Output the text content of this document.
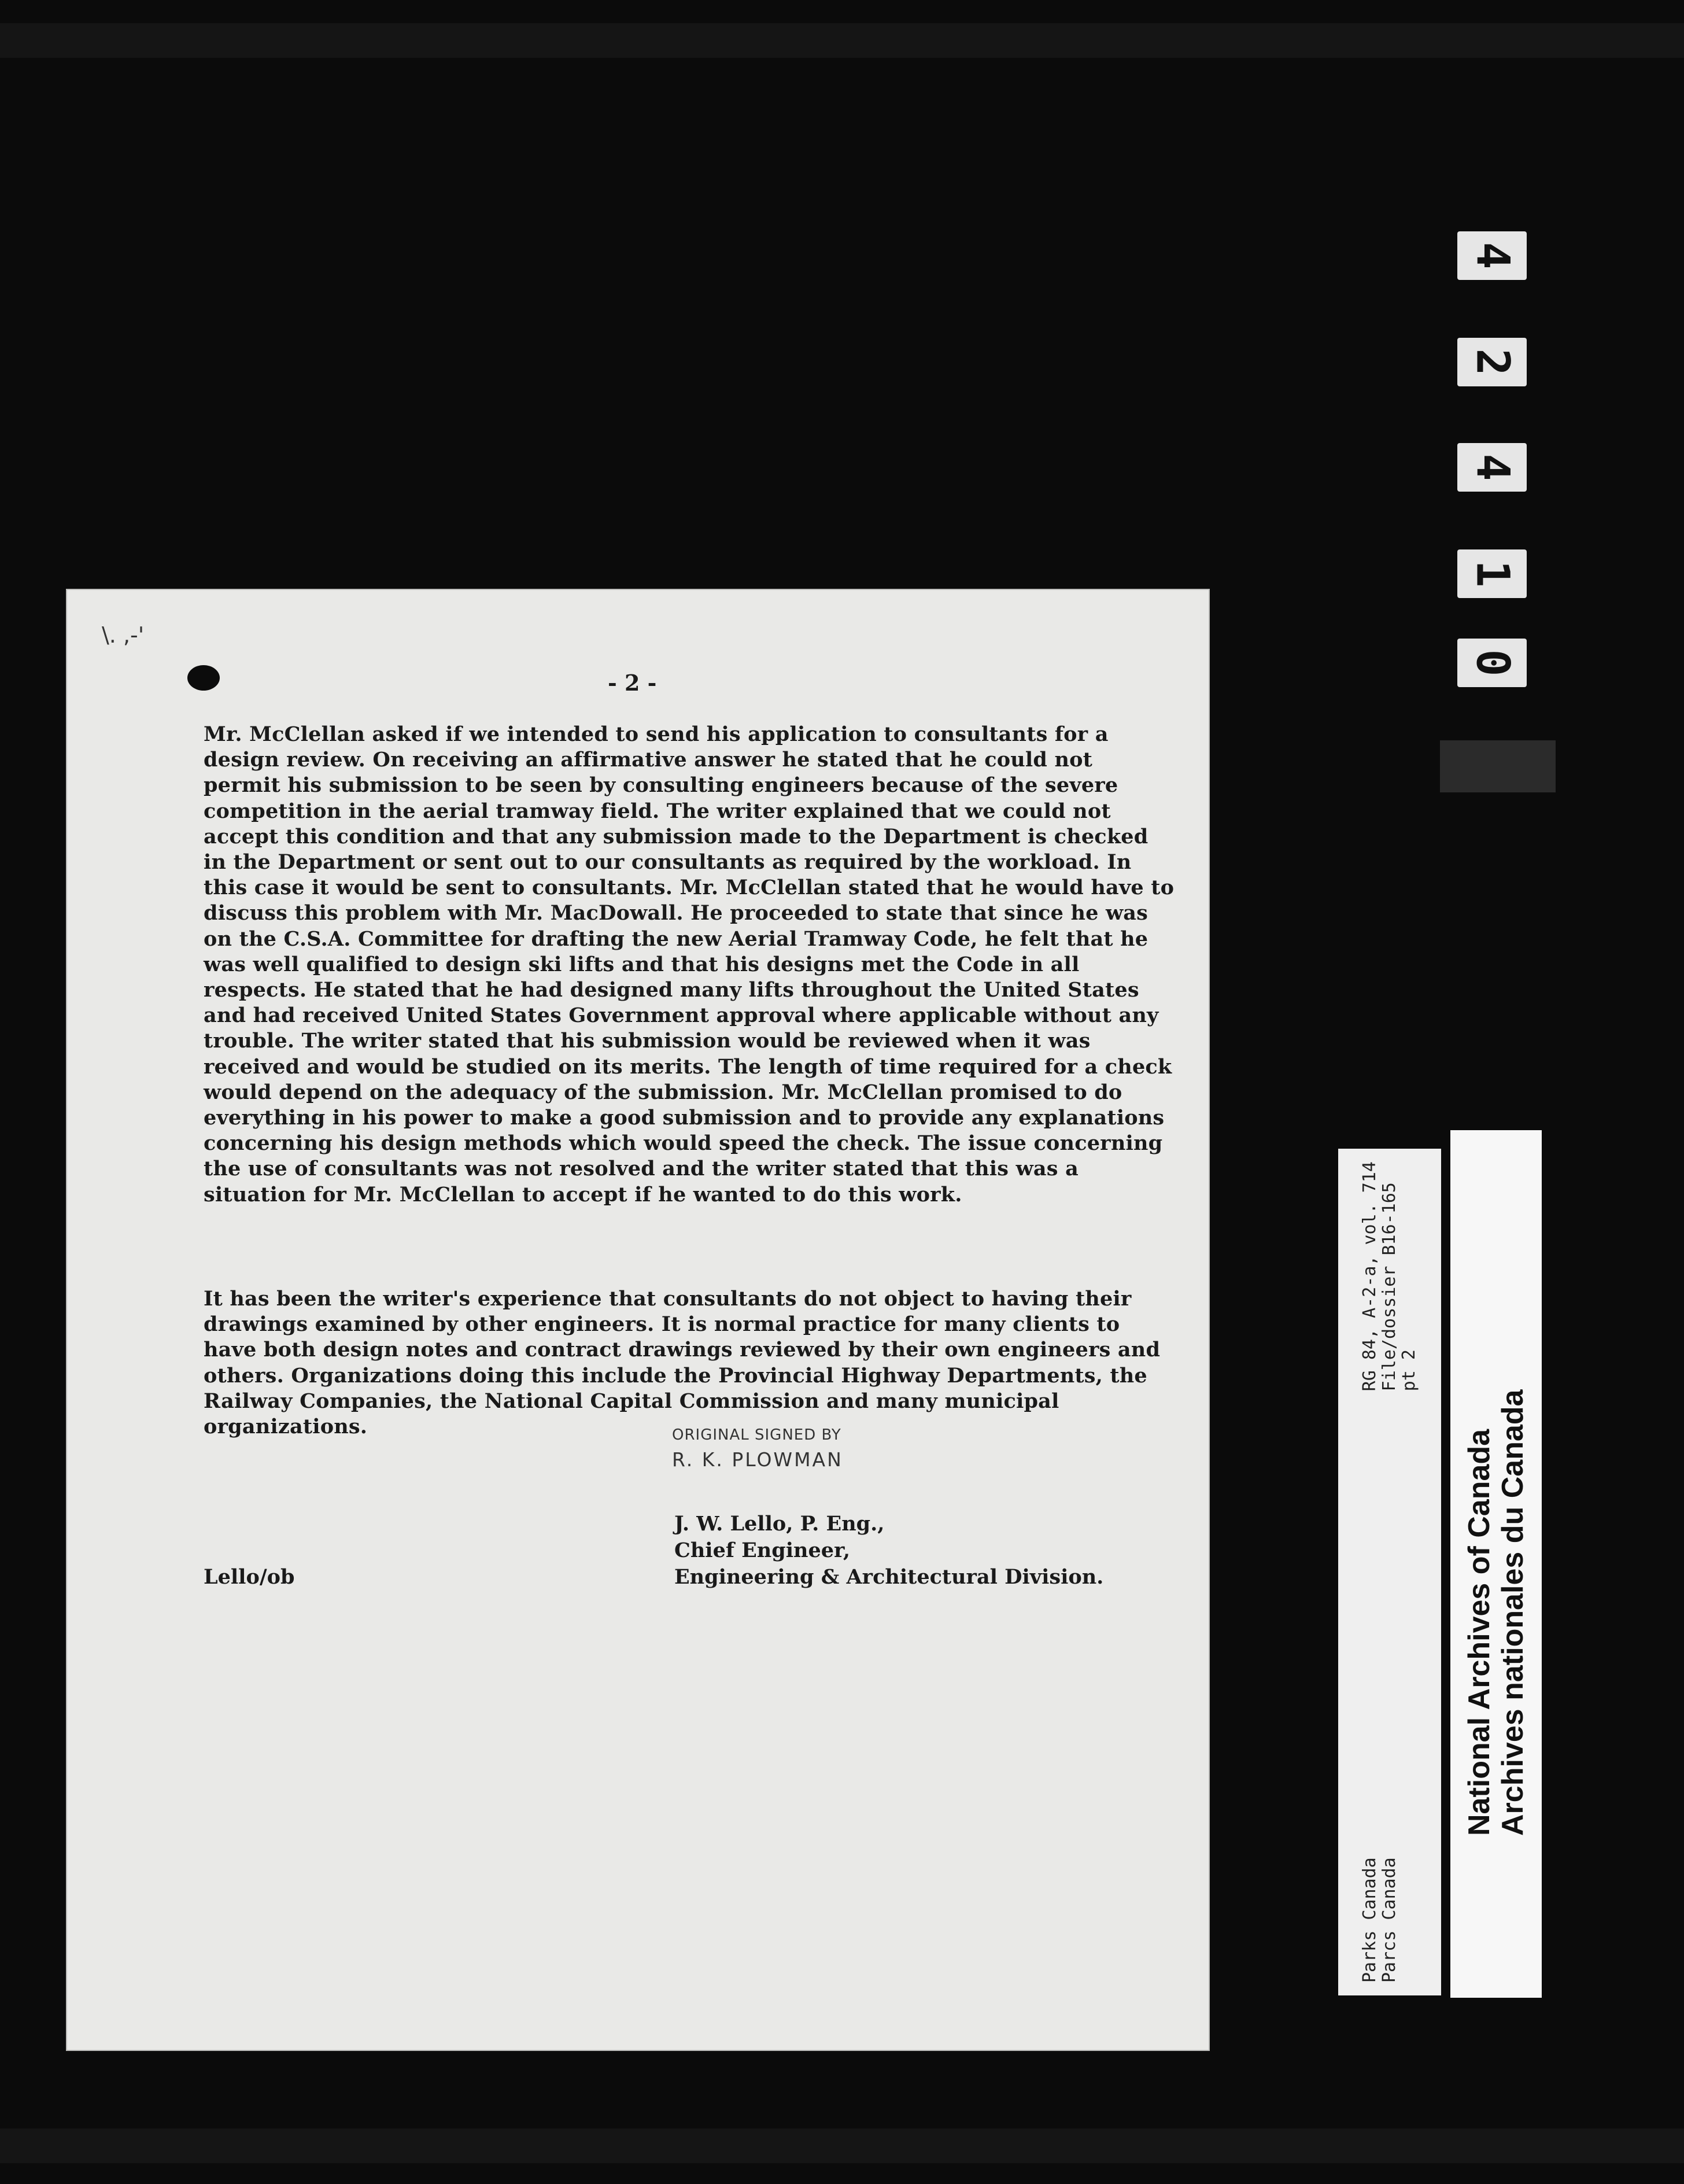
4
2
4
1
0
\. ,-'
- 2 -

Mr. McClellan asked if we intended to send his application to consultants for a design review. On receiving an affirmative answer he stated that he could not permit his submission to be seen by consulting engineers because of the severe competition in the aerial tramway field. The writer explained that we could not accept this condition and that any submission made to the Department is checked in the Department or sent out to our consultants as required by the workload. In this case it would be sent to consultants. Mr. McClellan stated that he would have to discuss this problem with Mr. MacDowall. He proceeded to state that since he was on the C.S.A. Committee for drafting the new Aerial Tramway Code, he felt that he was well qualified to design ski lifts and that his designs met the Code in all respects. He stated that he had designed many lifts throughout the United States and had received United States Government approval where applicable without any trouble. The writer stated that his submission would be reviewed when it was received and would be studied on its merits. The length of time required for a check would depend on the adequacy of the submission. Mr. McClellan promised to do everything in his power to make a good submission and to provide any explanations concerning his design methods which would speed the check. The issue concerning the use of consultants was not resolved and the writer stated that this was a situation for Mr. McClellan to accept if he wanted to do this work.

It has been the writer's experience that consultants do not object to having their drawings examined by other engineers. It is normal practice for many clients to have both design notes and contract drawings reviewed by their own engineers and others. Organizations doing this include the Provincial Highway Departments, the Railway Companies, the National Capital Commission and many municipal organizations.	ORIGINAL SIGNED BY
R. K. PLOWMAN
J. W. Lello, P. Eng.,
Chief Engineer,
Engineering & Architectural Division.
Lello/ob
Parks Canada Parcs Canada
RG 84, A-2-a, vol. 714 File/dossier B16-165 pt 2
National Archives of Canada Archives nationales du Canada
